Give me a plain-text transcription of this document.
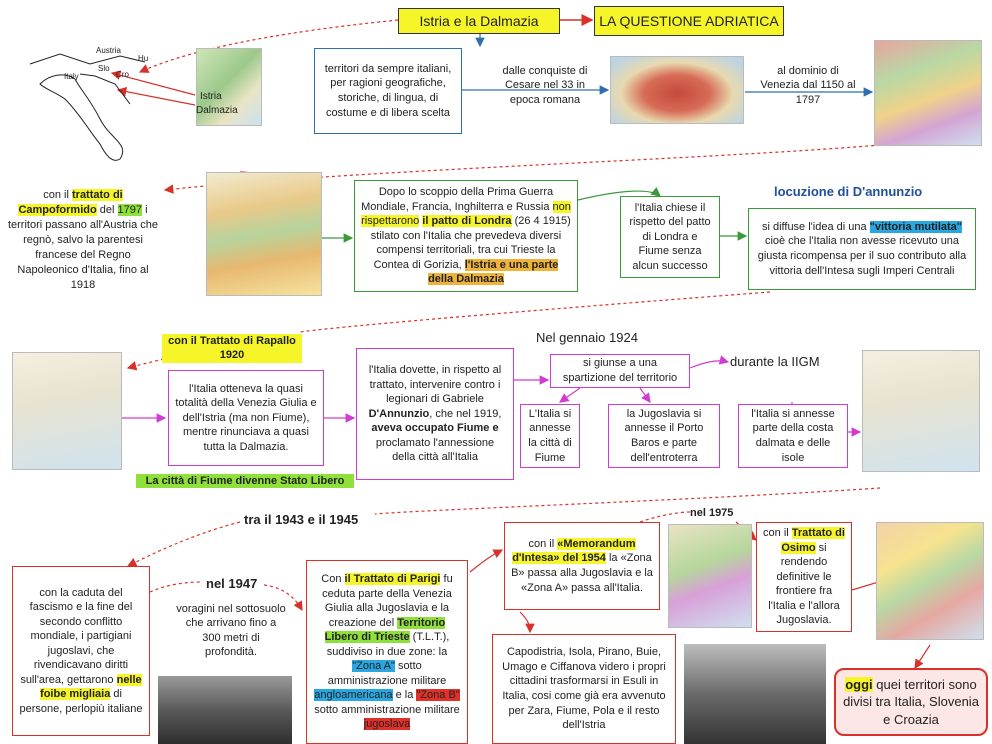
Istria e la Dalmazia	LA QUESTIONE ADRIATICA
Austria
Hu
Italy
Slo
Cro
Istria
Dalmazia
territori da sempre italiani, per ragioni geografiche, storiche, di lingua, di costume e di libera scelta
dalle conquiste di Cesare nel 33 in epoca romana
al dominio di Venezia dal 1150 al 1797
con il trattato di Campoformido del 1797 i territori passano all'Austria che regnò, salvo la parentesi francese del Regno Napoleonico d'Italia, fino al 1918
Dopo lo scoppio della Prima Guerra Mondiale, Francia, Inghilterra e Russia non rispettarono il patto di Londra (26 4 1915) stilato con l'Italia che prevedeva diversi compensi territoriali, tra cui Trieste la Contea di Gorizia, l'Istria e una parte della Dalmazia
l'Italia chiese il rispetto del patto di Londra e Fiume senza alcun successo
locuzione di D'annunzio
si diffuse l'idea di una "vittoria mutilata" cioè che l'Italia non avesse ricevuto una giusta ricompensa per il suo contributo alla vittoria dell'Intesa sugli Imperi Centrali
con il Trattato di Rapallo 1920
l'Italia otteneva la quasi totalità della Venezia Giulia e dell'Istria (ma non Fiume), mentre rinunciava a quasi tutta la Dalmazia.
La città di Fiume divenne Stato Libero
l'Italia dovette, in rispetto al trattato, intervenire contro i legionari di Gabriele D'Annunzio, che nel 1919, aveva occupato Fiume e proclamato l'annessione della città all'Italia
Nel gennaio 1924
si giunse a una spartizione del territorio
L'Italia si annesse la città di Fiume
la Jugoslavia si annesse il Porto Baros e parte dell'entroterra
durante la IIGM
l'Italia si annesse parte della costa dalmata e delle isole
tra il 1943 e il 1945
con la caduta del fascismo e la fine del secondo conflitto mondiale, i partigiani jugoslavi, che rivendicavano diritti sull'area, gettarono nelle foibe migliaia di persone, perlopiù italiane
nel 1947
voragini nel sottosuolo che arrivano fino a 300 metri di profondità.
Con il Trattato di Parigi fu ceduta parte della Venezia Giulia alla Jugoslavia e la creazione del Territorio Libero di Trieste (T.L.T.), suddiviso in due zone: la "Zona A" sotto amministrazione militare angloamericana e la "Zona B" sotto amministrazione militare jugoslava
con il «Memorandum d'Intesa» del 1954 la «Zona B» passa alla Jugoslavia e la «Zona A» passa all'Italia.
Capodistria, Isola, Pirano, Buie, Umago e Ciffanova videro i propri cittadini trasformarsi in Esuli in Italia, cosi come già era avvenuto per Zara, Fiume, Pola e il resto dell'Istria
nel 1975
con il Trattato di Osimo si rendendo definitive le frontiere fra l'Italia e l'allora Jugoslavia.
oggi quei territori sono divisi tra Italia, Slovenia e Croazia
